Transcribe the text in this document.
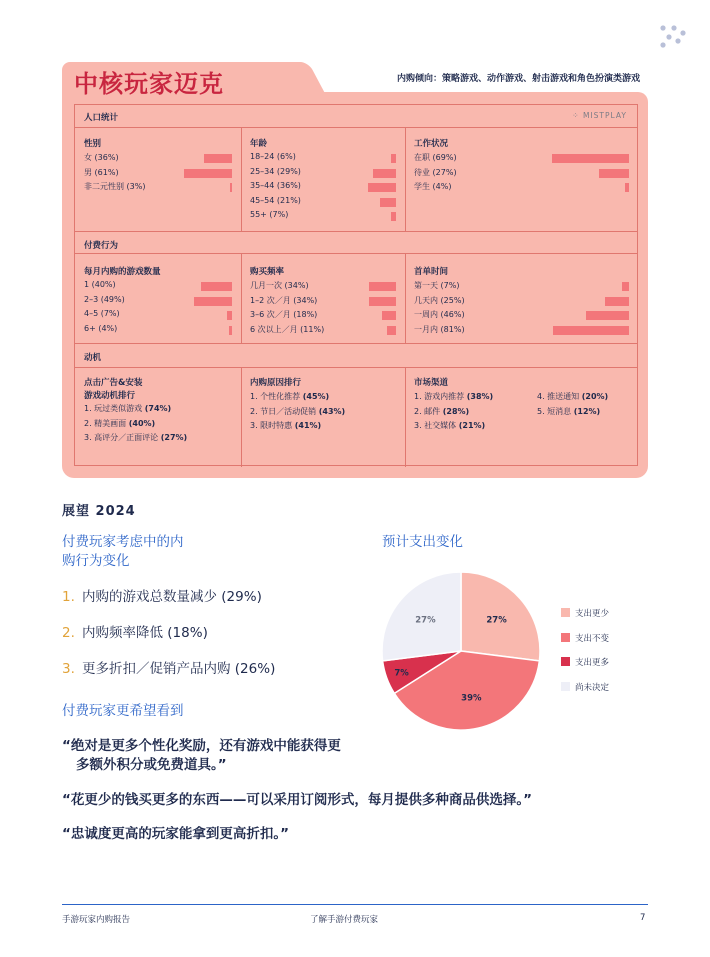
中核玩家迈克	内购倾向：策略游戏、动作游戏、射击游戏和角色扮演类游戏
人口统计	⁘ MISTPLAY
性别
女 (36%)
男 (61%)
非二元性别 (3%)
年龄
18–24 (6%)
25–34 (29%)
35–44 (36%)
45–54 (21%)
55+ (7%)
工作状况
在职 (69%)
待业 (27%)
学生 (4%)
付费行为
每月内购的游戏数量
1 (40%)
2–3 (49%)
4–5 (7%)
6+ (4%)
购买频率
几月一次 (34%)
1–2 次／月 (34%)
3–6 次／月 (18%)
6 次以上／月 (11%)
首单时间
第一天 (7%)
几天内 (25%)
一周内 (46%)
一月内 (81%)
动机
点击广告&安装
游戏动机排行
1. 玩过类似游戏 (74%)
2. 精美画面 (40%)
3. 高评分／正面评论 (27%)
内购原因排行
1. 个性化推荐 (45%)
2. 节日／活动促销 (43%)
3. 限时特惠 (41%)
市场渠道
1. 游戏内推荐 (38%)
2. 邮件 (28%)
3. 社交媒体 (21%)
4. 推送通知 (20%)
5. 短消息 (12%)
展望 2024
付费玩家考虑中的内
购行为变化
1. 内购的游戏总数量减少 (29%)
2. 内购频率降低 (18%)
3. 更多折扣／促销产品内购 (26%)
付费玩家更希望看到
“绝对是更多个性化奖励，还有游戏中能获得更
多额外积分或免费道具。”
“花更少的钱买更多的东西——可以采用订阅形式，每月提供多种商品供选择。”
“忠诚度更高的玩家能拿到更高折扣。”
预计支出变化
27%
39%
7%
27%
支出更少
支出不变
支出更多
尚未决定
手游玩家内购报告	了解手游付费玩家	7
